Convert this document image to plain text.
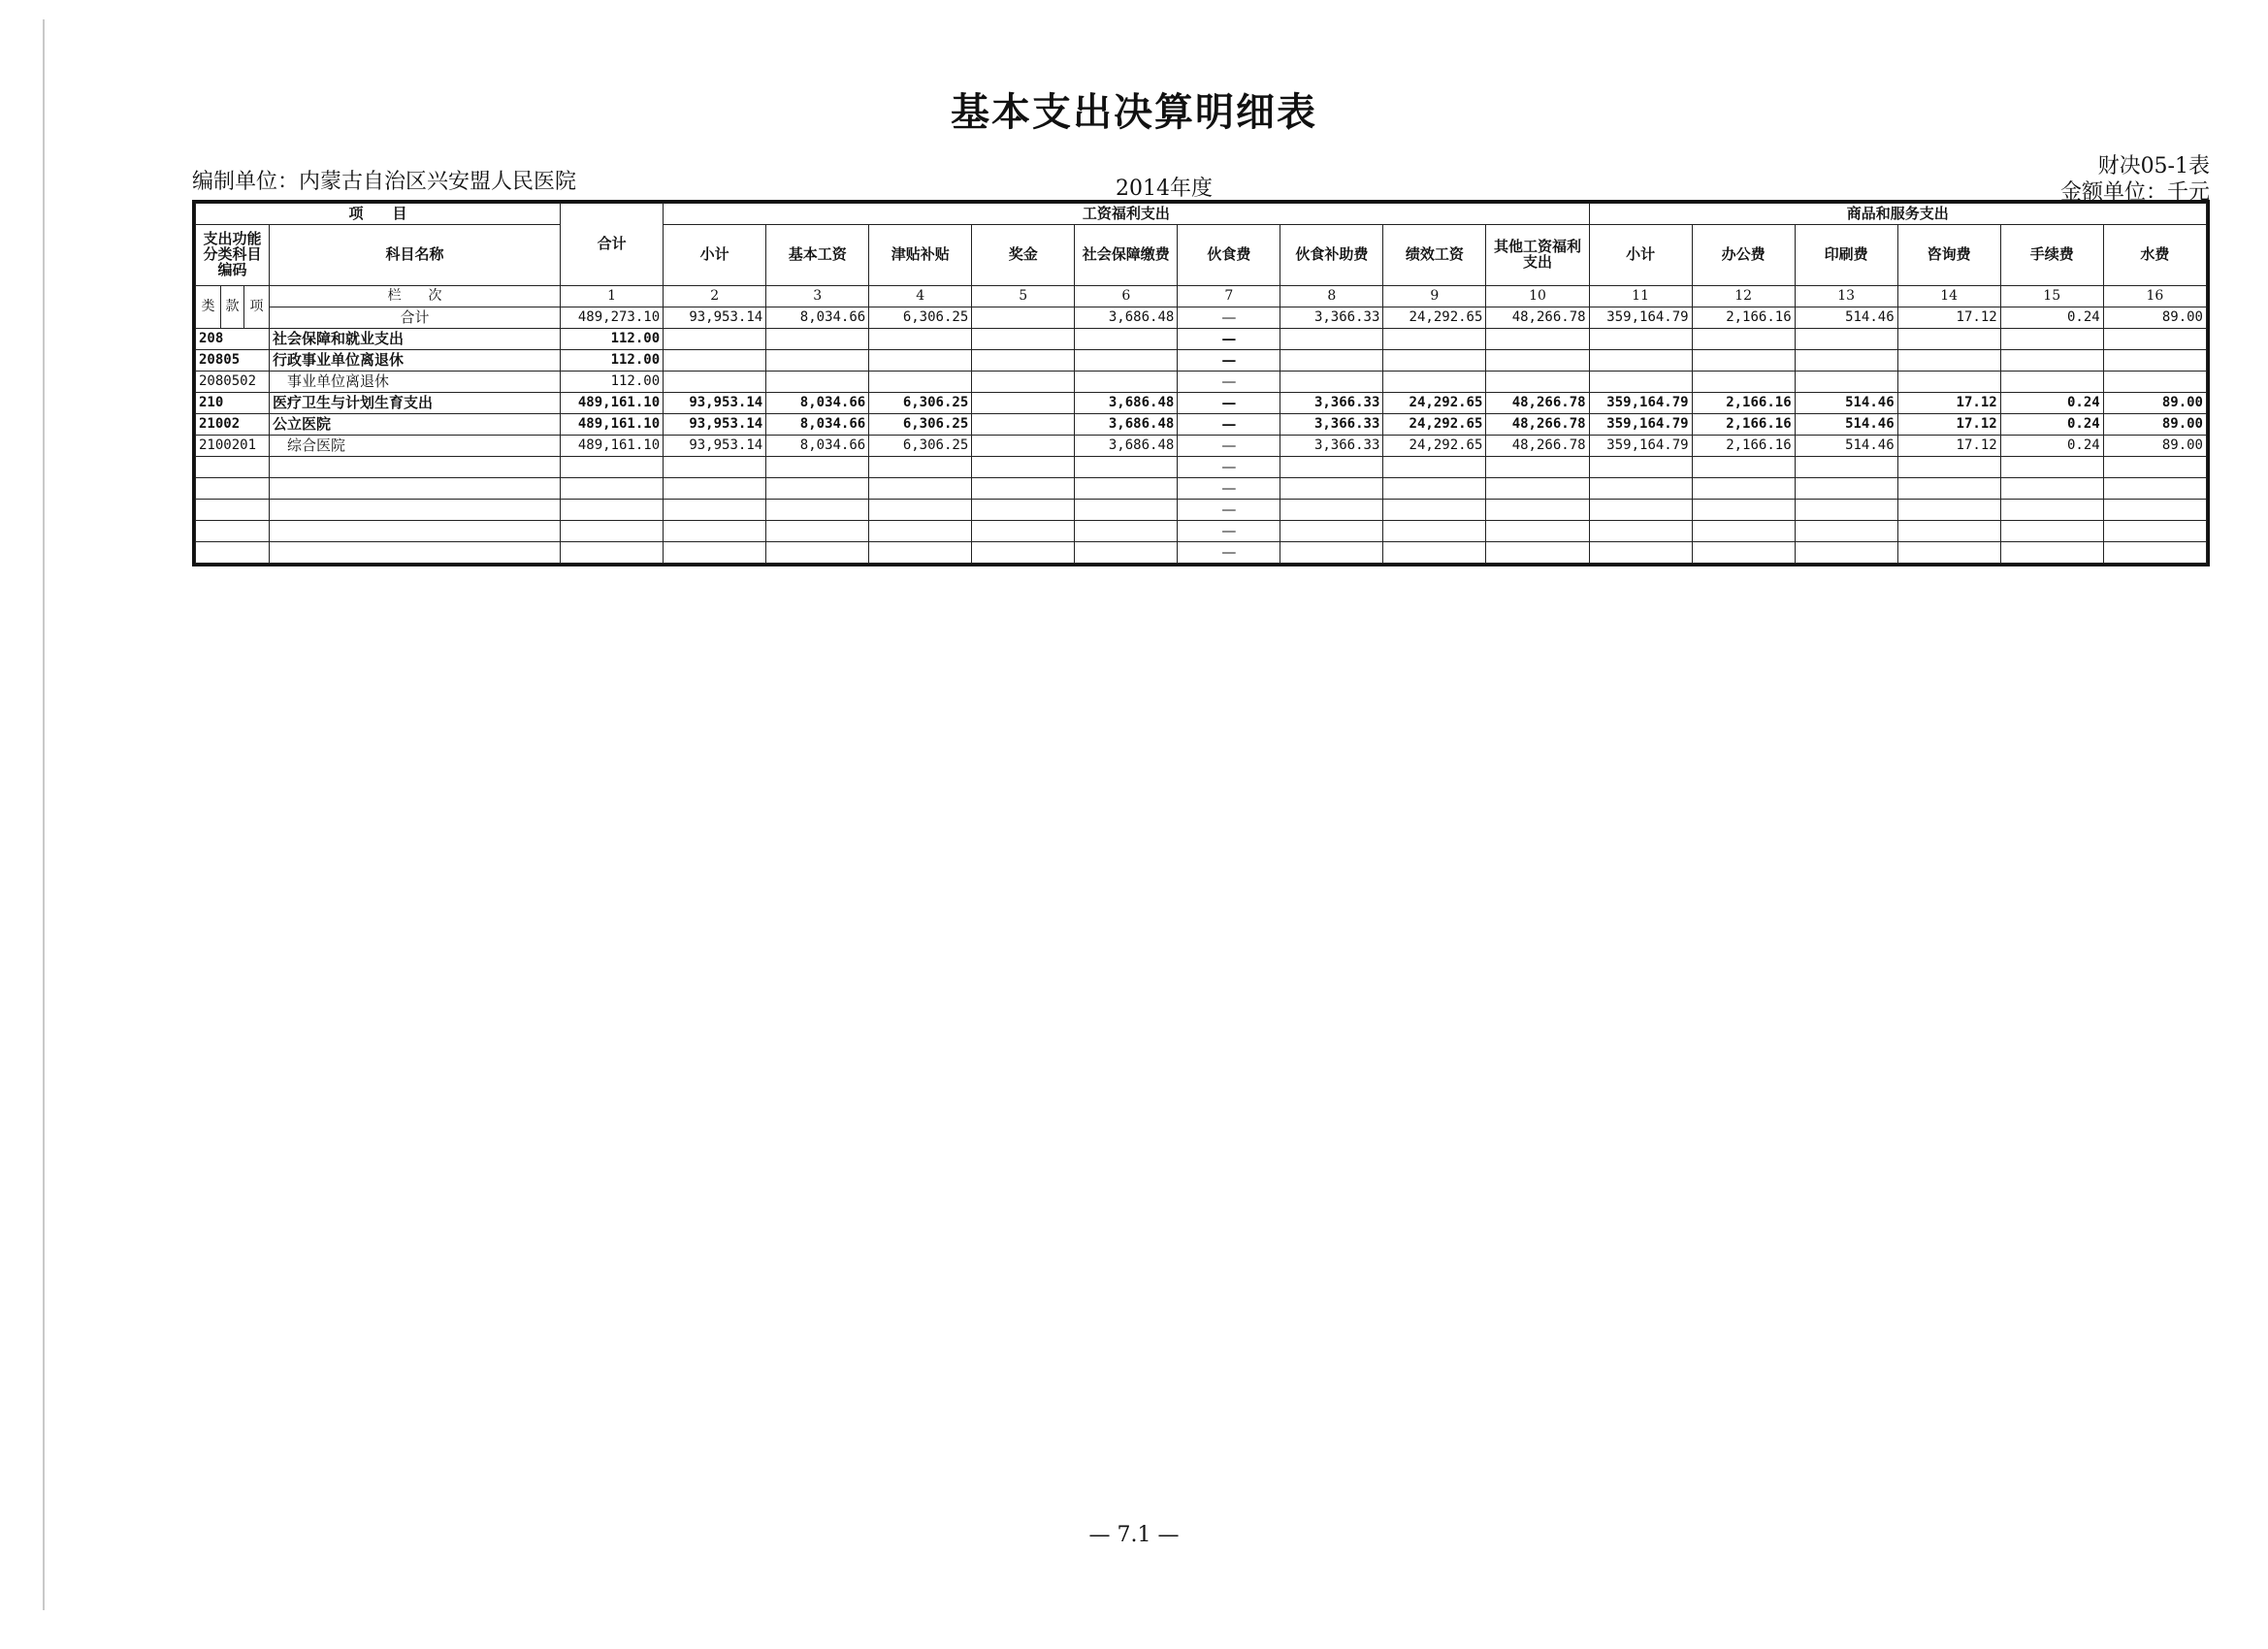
基本支出决算明细表
编制单位：内蒙古自治区兴安盟人民医院	2014年度
财决05-1表
金额单位：千元
项　　目				合计	工资福利支出									商品和服务支出					
支出功能分类科目编码			科目名称		小计	基本工资	津贴补贴	奖金	社会保障缴费	伙食费	伙食补助费	绩效工资	其他工资福利支出	小计	办公费	印刷费	咨询费	手续费	水费

类	款	项	栏　　次	1	2	3	4	5	6	7	8	9	10	11	12	13	14	15	16
			合计	489,273.10	93,953.14	8,034.66	6,306.25		3,686.48	—	3,366.33	24,292.65	48,266.78	359,164.79	2,166.16	514.46	17.12	0.24	89.00
208			社会保障和就业支出	112.00						—									
20805			行政事业单位离退休	112.00						—									
2080502			事业单位离退休	112.00						—									
210			医疗卫生与计划生育支出	489,161.10	93,953.14	8,034.66	6,306.25		3,686.48	—	3,366.33	24,292.65	48,266.78	359,164.79	2,166.16	514.46	17.12	0.24	89.00
21002			公立医院	489,161.10	93,953.14	8,034.66	6,306.25		3,686.48	—	3,366.33	24,292.65	48,266.78	359,164.79	2,166.16	514.46	17.12	0.24	89.00
2100201			综合医院	489,161.10	93,953.14	8,034.66	6,306.25		3,686.48	—	3,366.33	24,292.65	48,266.78	359,164.79	2,166.16	514.46	17.12	0.24	89.00
										—									
										—									
										—									
										—									
										—									
— 7.1 —
